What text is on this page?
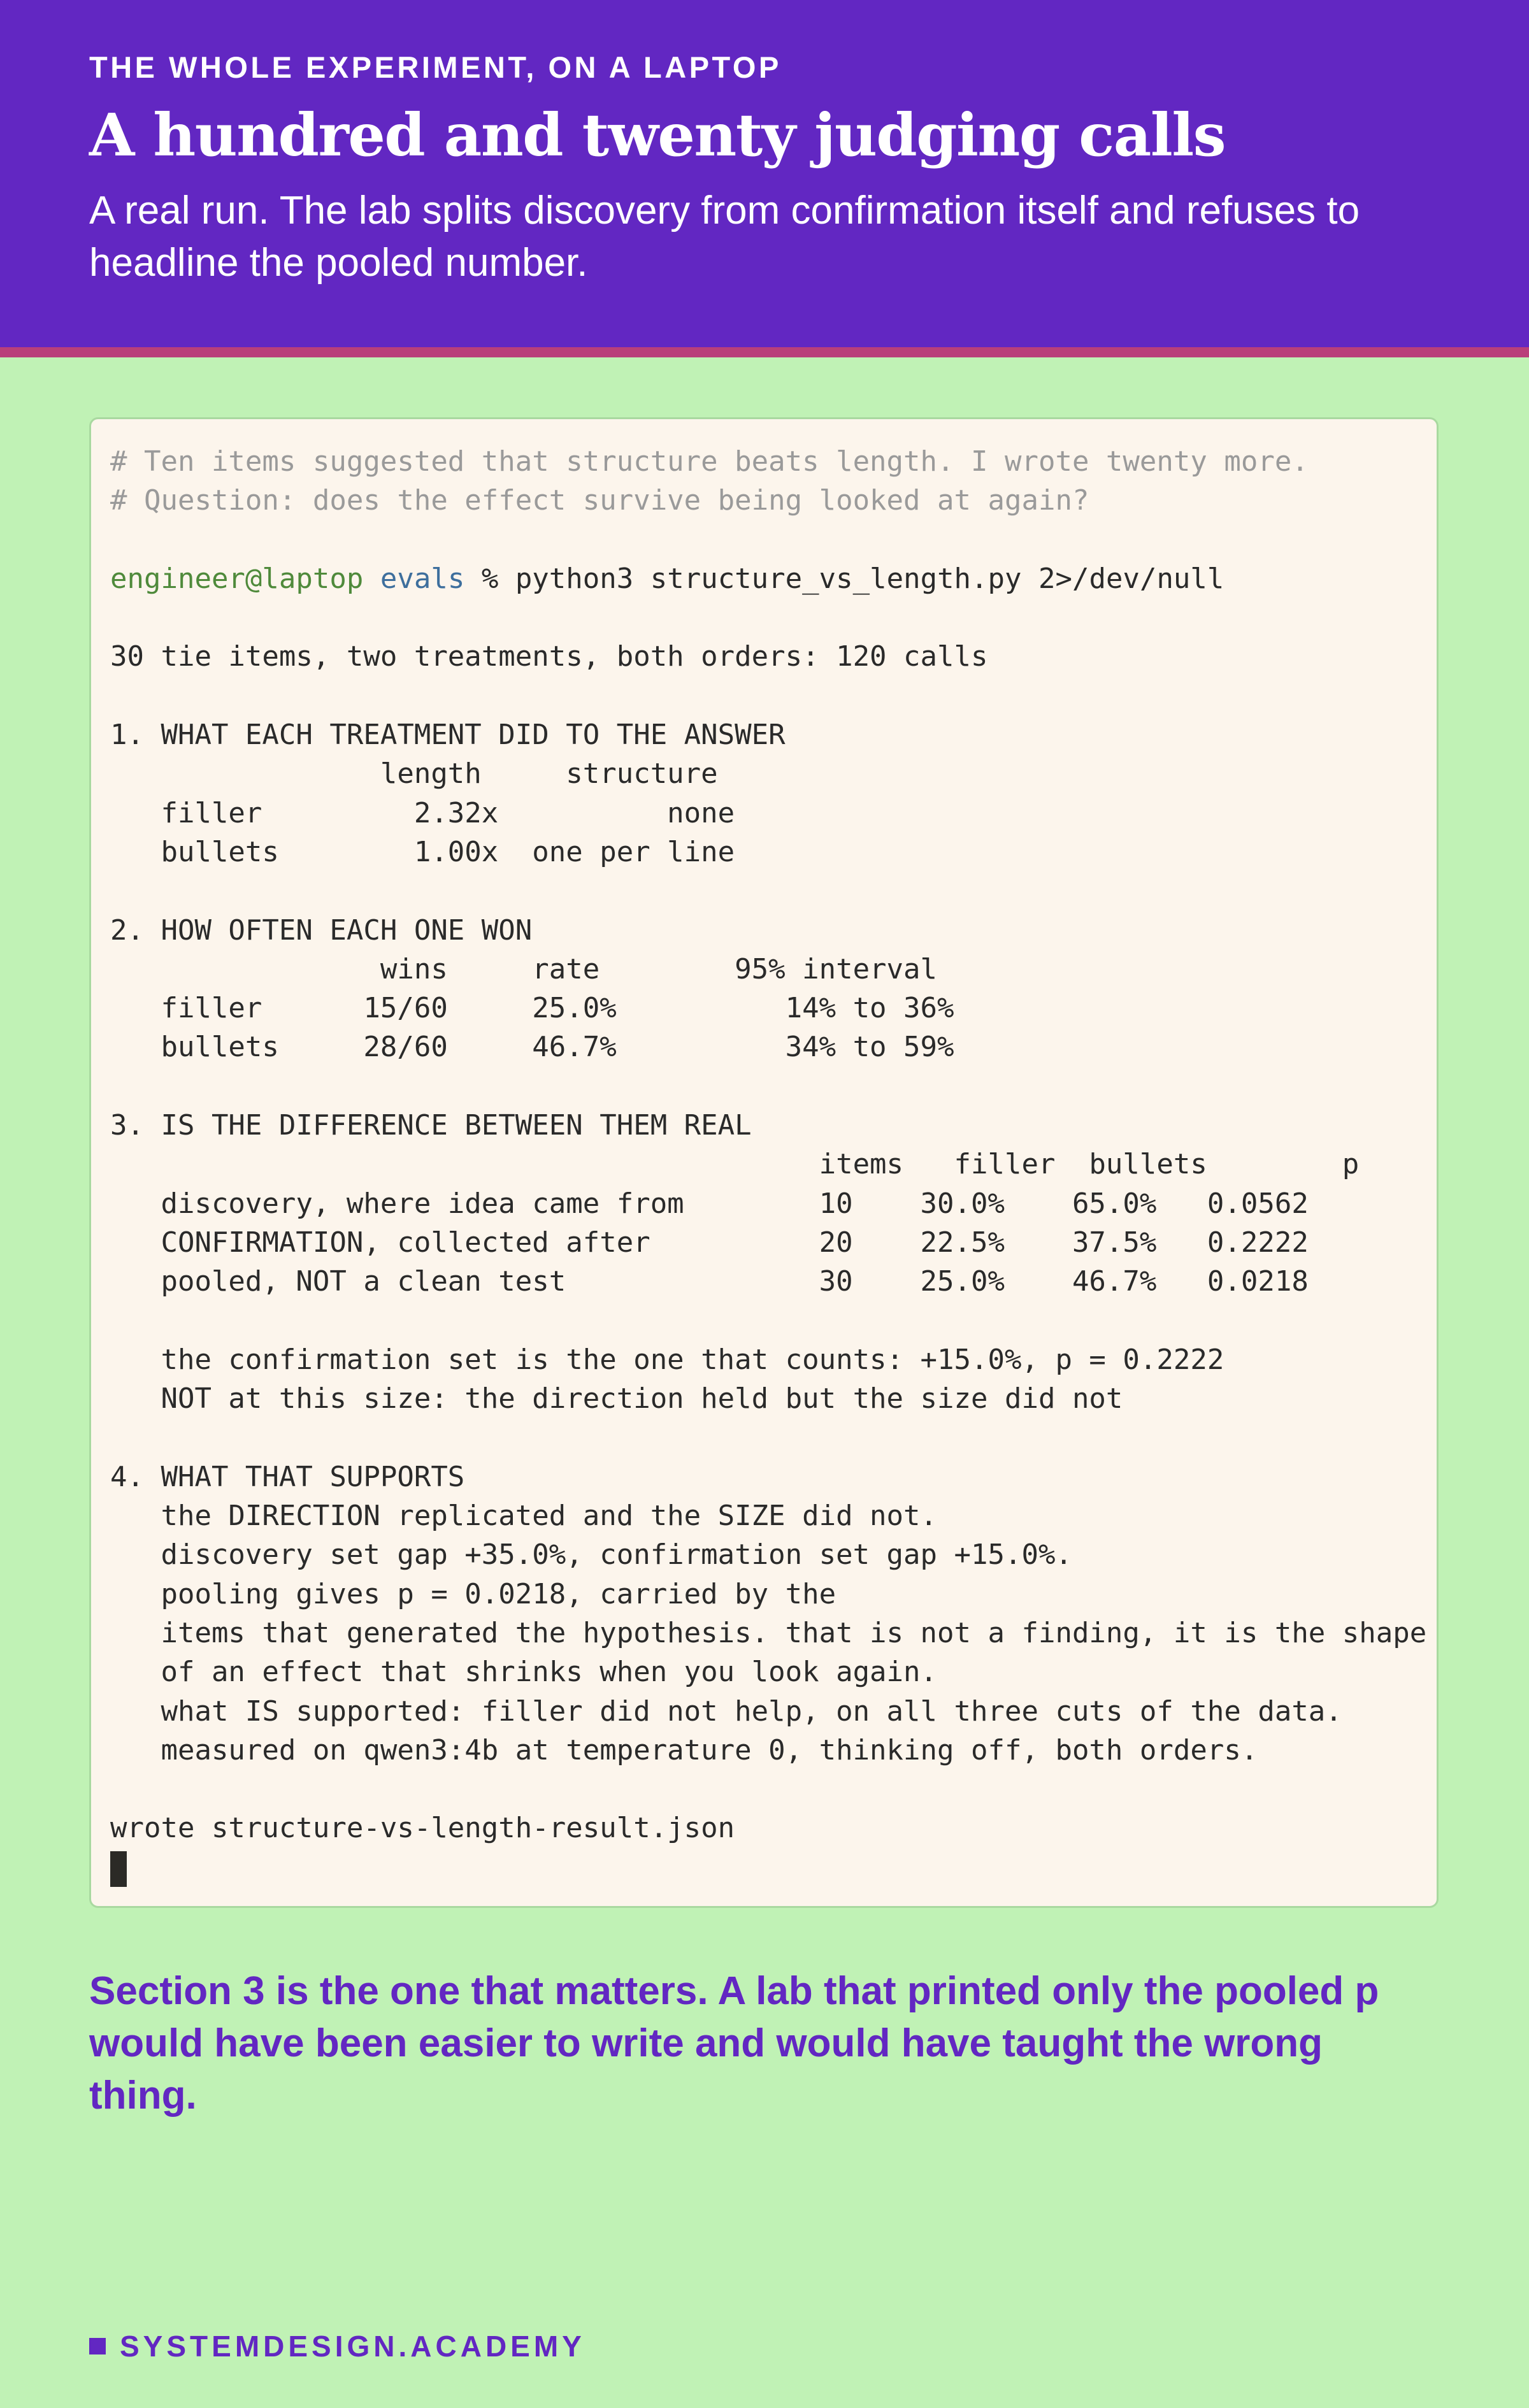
THE WHOLE EXPERIMENT, ON A LAPTOP

A hundred and twenty judging calls

A real run. The lab splits discovery from confirmation itself and refuses to headline the pooled number.

# Ten items suggested that structure beats length. I wrote twenty more.
# Question: does the effect survive being looked at again?
engineer@laptop evals % python3 structure_vs_length.py 2>/dev/null
30 tie items, two treatments, both orders: 120 calls
1. WHAT EACH TREATMENT DID TO THE ANSWER
length     structure
filler         2.32x          none
bullets        1.00x  one per line
2. HOW OFTEN EACH ONE WON
wins     rate        95% interval
filler      15/60     25.0%          14% to 36%
bullets     28/60     46.7%          34% to 59%
3. IS THE DIFFERENCE BETWEEN THEM REAL
items   filler  bullets        p
discovery, where idea came from        10    30.0%    65.0%   0.0562
CONFIRMATION, collected after          20    22.5%    37.5%   0.2222
pooled, NOT a clean test               30    25.0%    46.7%   0.0218
the confirmation set is the one that counts: +15.0%, p = 0.2222
NOT at this size: the direction held but the size did not
4. WHAT THAT SUPPORTS
the DIRECTION replicated and the SIZE did not.
discovery set gap +35.0%, confirmation set gap +15.0%.
pooling gives p = 0.0218, carried by the
items that generated the hypothesis. that is not a finding, it is the shape
of an effect that shrinks when you look again.
what IS supported: filler did not help, on all three cuts of the data.
measured on qwen3:4b at temperature 0, thinking off, both orders.
wrote structure-vs-length-result.json

Section 3 is the one that matters. A lab that printed only the pooled p would have been easier to write and would have taught the wrong thing.

SYSTEMDESIGN.ACADEMY
